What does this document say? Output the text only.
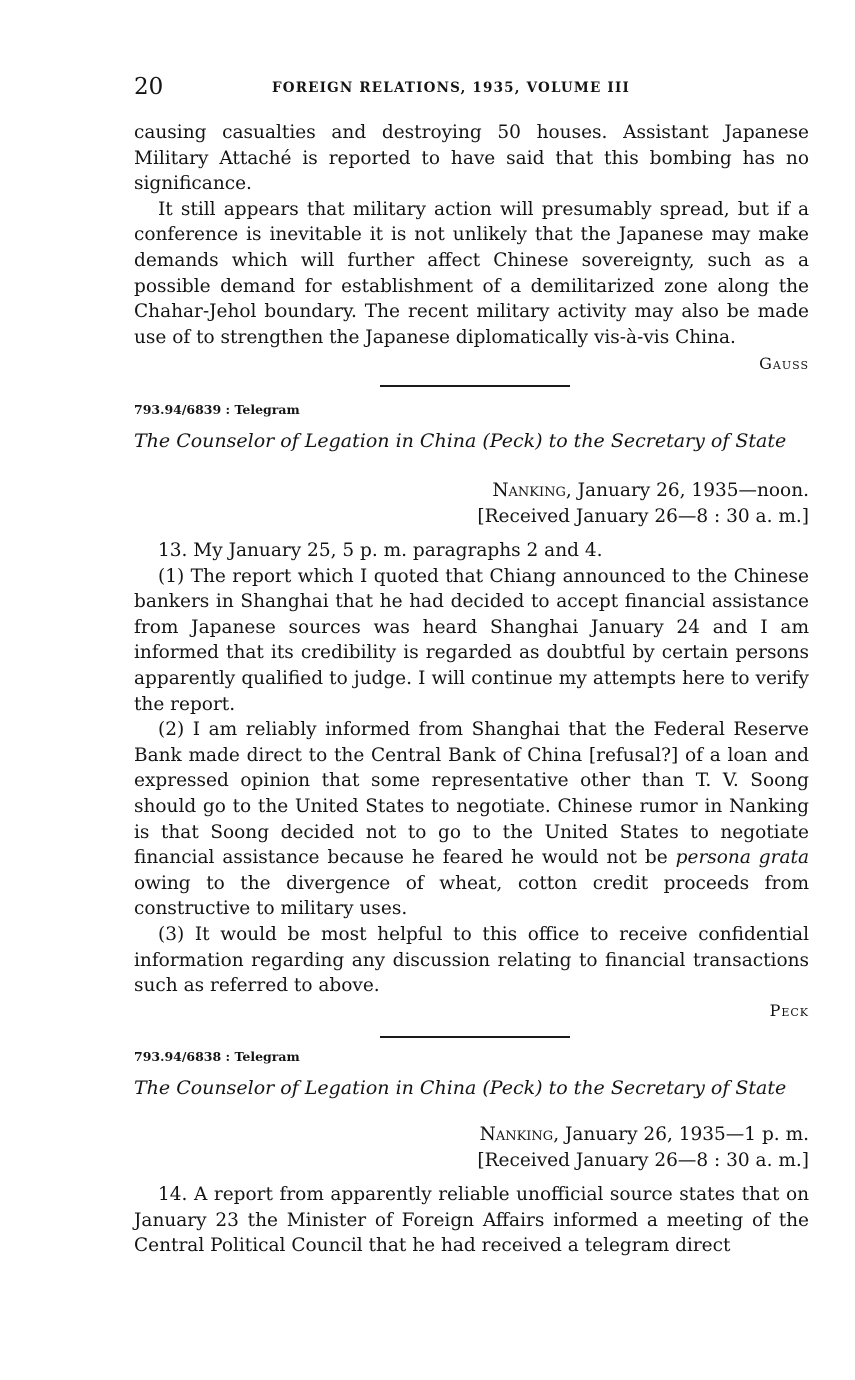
20	FOREIGN RELATIONS, 1935, VOLUME III

causing casualties and destroying 50 houses. Assistant Japanese Military Attaché is reported to have said that this bombing has no significance.

It still appears that military action will presumably spread, but if a conference is inevitable it is not unlikely that the Japanese may make demands which will further affect Chinese sovereignty, such as a possible demand for establishment of a demilitarized zone along the Chahar-Jehol boundary. The recent military activity may also be made use of to strengthen the Japanese diplomatically vis-à-vis China.

Gauss
793.94/6839 : Telegram
The Counselor of Legation in China (Peck) to the Secretary of State
Nanking, January 26, 1935—noon.
[Received January 26—8 : 30 a. m.]

13. My January 25, 5 p. m. paragraphs 2 and 4.

(1) The report which I quoted that Chiang announced to the Chinese bankers in Shanghai that he had decided to accept financial assistance from Japanese sources was heard Shanghai January 24 and I am informed that its credibility is regarded as doubtful by certain persons apparently qualified to judge. I will continue my attempts here to verify the report.

(2) I am reliably informed from Shanghai that the Federal Reserve Bank made direct to the Central Bank of China [refusal?] of a loan and expressed opinion that some representative other than T. V. Soong should go to the United States to negotiate. Chinese rumor in Nanking is that Soong decided not to go to the United States to negotiate financial assistance because he feared he would not be persona grata owing to the divergence of wheat, cotton credit proceeds from constructive to military uses.

(3) It would be most helpful to this office to receive confidential information regarding any discussion relating to financial transactions such as referred to above.

Peck
793.94/6838 : Telegram
The Counselor of Legation in China (Peck) to the Secretary of State
Nanking, January 26, 1935—1 p. m.
[Received January 26—8 : 30 a. m.]

14. A report from apparently reliable unofficial source states that on January 23 the Minister of Foreign Affairs informed a meeting of the Central Political Council that he had received a telegram direct
